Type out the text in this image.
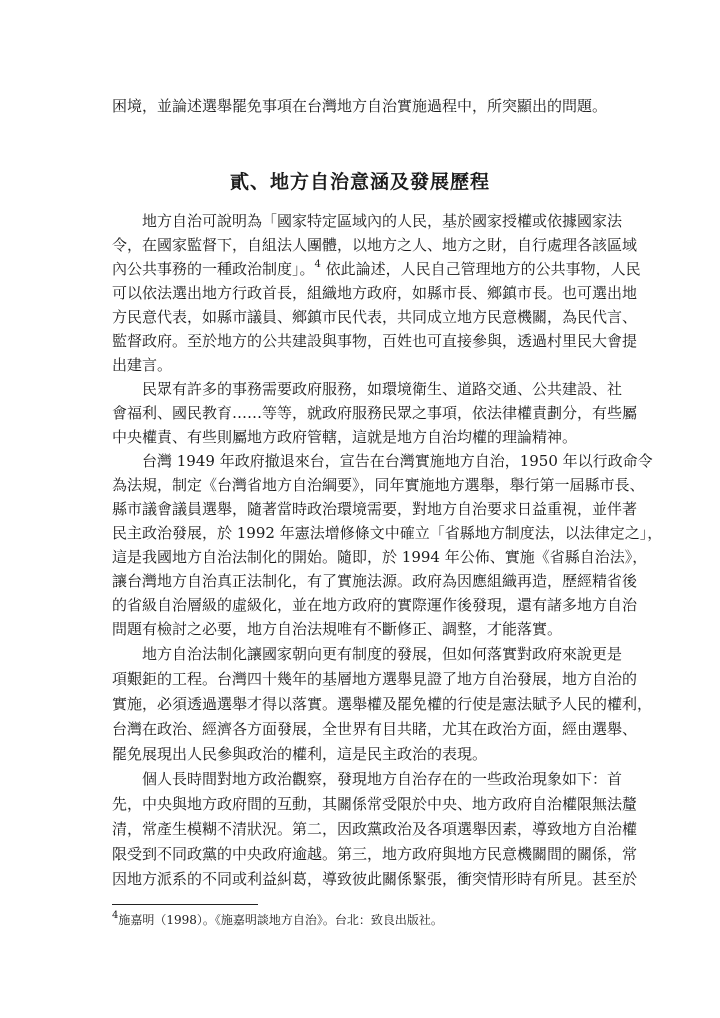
困境，並論述選舉罷免事項在台灣地方自治實施過程中，所突顯出的問題。
貳、地方自治意涵及發展歷程
　　地方自治可說明為「國家特定區域內的人民，基於國家授權或依據國家法
令，在國家監督下，自組法人團體，以地方之人、地方之財，自行處理各該區域
內公共事務的一種政治制度」。$^4$ 依此論述，人民自己管理地方的公共事物，人民
可以依法選出地方行政首長，組織地方政府，如縣市長、鄉鎮市長。也可選出地
方民意代表，如縣市議員、鄉鎮市民代表，共同成立地方民意機關，為民代言、
監督政府。至於地方的公共建設與事物，百姓也可直接參與，透過村里民大會提
出建言。
　　民眾有許多的事務需要政府服務，如環境衛生、道路交通、公共建設、社
會福利、國民教育……等等，就政府服務民眾之事項，依法律權責劃分，有些屬
中央權責、有些則屬地方政府管轄，這就是地方自治均權的理論精神。
　　台灣 1949 年政府撤退來台，宣告在台灣實施地方自治，1950 年以行政命令
為法規，制定《台灣省地方自治綱要》，同年實施地方選舉，舉行第一屆縣市長、
縣市議會議員選舉，隨著當時政治環境需要，對地方自治要求日益重視，並伴著
民主政治發展，於 1992 年憲法增修條文中確立「省縣地方制度法，以法律定之」，
這是我國地方自治法制化的開始。隨即，於 1994 年公佈、實施《省縣自治法》，
讓台灣地方自治真正法制化，有了實施法源。政府為因應組織再造，歷經精省後
的省級自治層級的虛級化，並在地方政府的實際運作後發現，還有諸多地方自治
問題有檢討之必要，地方自治法規唯有不斷修正、調整，才能落實。
　　地方自治法制化讓國家朝向更有制度的發展，但如何落實對政府來說更是
項艱鉅的工程。台灣四十幾年的基層地方選舉見證了地方自治發展，地方自治的
實施，必須透過選舉才得以落實。選舉權及罷免權的行使是憲法賦予人民的權利，
台灣在政治、經濟各方面發展，全世界有目共睹，尤其在政治方面，經由選舉、
罷免展現出人民參與政治的權利，這是民主政治的表現。
　　個人長時間對地方政治觀察，發現地方自治存在的一些政治現象如下：首
先，中央與地方政府間的互動，其關係常受限於中央、地方政府自治權限無法釐
清，常產生模糊不清狀況。第二，因政黨政治及各項選舉因素，導致地方自治權
限受到不同政黨的中央政府逾越。第三，地方政府與地方民意機關間的關係，常
因地方派系的不同或利益糾葛，導致彼此關係緊張，衝突情形時有所見。甚至於
$^4$施嘉明（1998）。《施嘉明談地方自治》。台北：致良出版社。
